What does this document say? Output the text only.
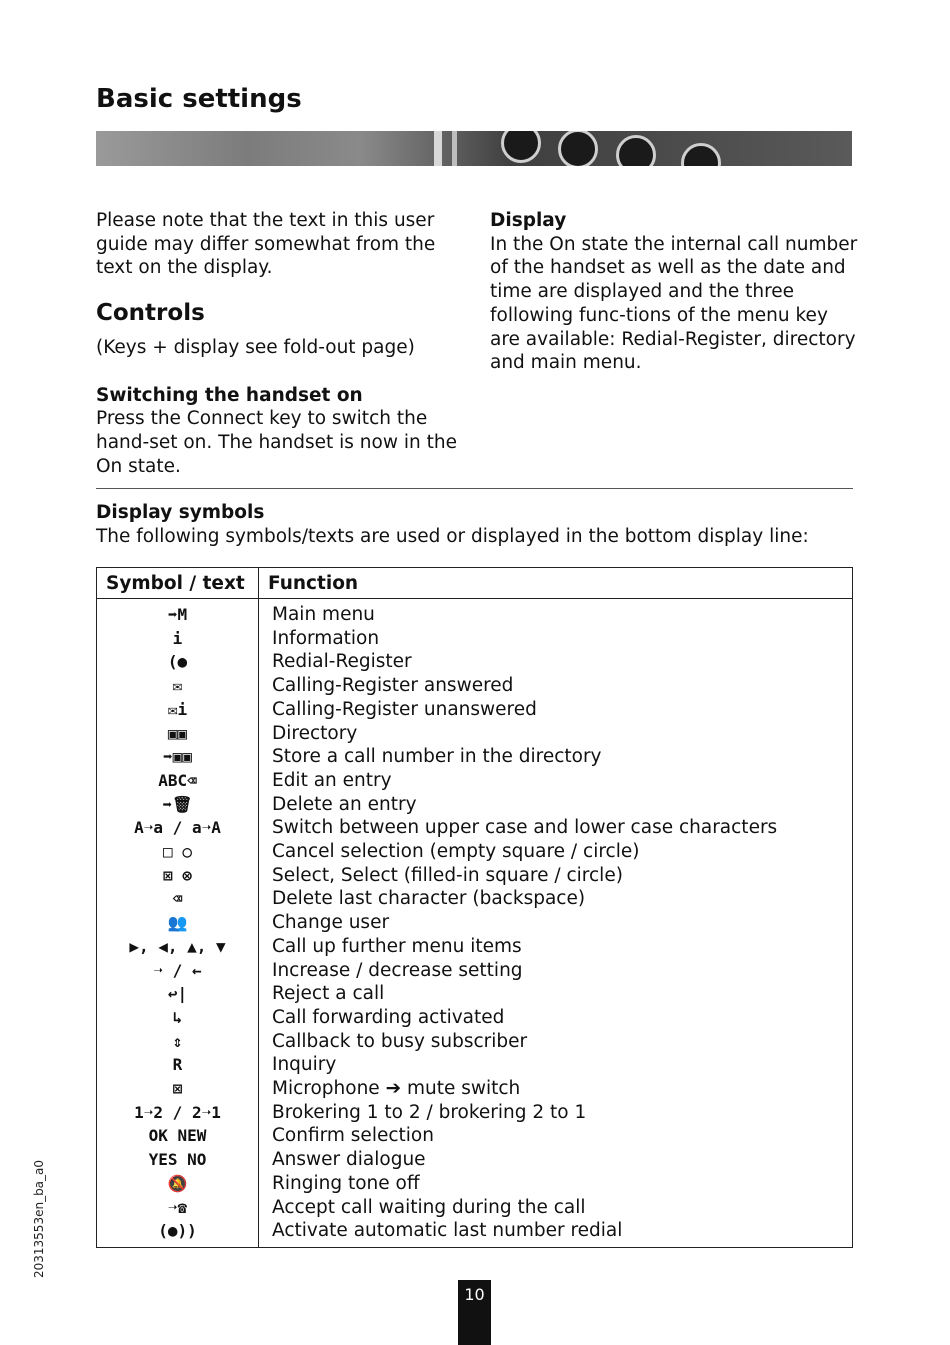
Basic settings

Please note that the text in this user guide may differ somewhat from the text on the display.

Controls

(Keys + display see fold-out page)

Switching the handset on

Press the Connect key to switch the hand-set on. The handset is now in the On state.

Display

In the On state the internal call number of the handset as well as the date and time are displayed and the three following func-tions of the menu key are available: Redial-Register, directory and main menu.

Display symbols
The following symbols/texts are used or displayed in the bottom display line:
Symbol / text	Function
➡M	Main menu
i	Information
(●	Redial-Register
✉	Calling-Register answered
✉i	Calling-Register unanswered
▣▣	Directory
➡▣▣	Store a call number in the directory
ABC⌫	Edit an entry
➡🗑	Delete an entry
A➝a / a➝A	Switch between upper case and lower case characters
□ ○	Cancel selection (empty square / circle)
⊠ ⊗	Select, Select (filled-in square / circle)
⌫	Delete last character (backspace)
👥	Change user
▶, ◀, ▲, ▼	Call up further menu items
➝ / ←	Increase / decrease setting
↩|	Reject a call
↳	Call forwarding activated
⇕	Callback to busy subscriber
R	Inquiry
⊠	Microphone ➔ mute switch
1➝2 / 2➝1	Brokering 1 to 2 / brokering 2 to 1
OK NEW	Confirm selection
YES NO	Answer dialogue
🔕	Ringing tone off
➝☎	Accept call waiting during the call
(●))	Activate automatic last number redial
20313553en_ba_a0
10
